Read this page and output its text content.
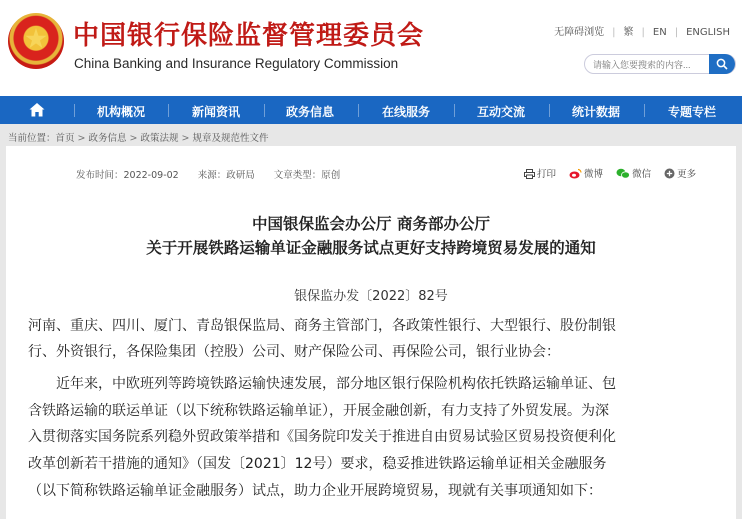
中国银行保险监督管理委员会
China Banking and Insurance Regulatory Commission
无障碍浏览 | 繁 | EN | ENGLISH
请输入您要搜索的内容...
机构概况	新闻资讯	政务信息	在线服务	互动交流	统计数据	专题专栏
当前位置：首页 > 政务信息 > 政策法规 > 规章及规范性文件
发布时间：2022-09-02 来源：政研局 文章类型：原创	打印	微博	微信	更多
中国银保监会办公厅 商务部办公厅
关于开展铁路运输单证金融服务试点更好支持跨境贸易发展的通知
银保监办发〔2022〕82号
河南、重庆、四川、厦门、青岛银保监局、商务主管部门，各政策性银行、大型银行、股份制银
行、外资银行，各保险集团（控股）公司、财产保险公司、再保险公司，银行业协会：
　　近年来，中欧班列等跨境铁路运输快速发展，部分地区银行保险机构依托铁路运输单证、包
含铁路运输的联运单证（以下统称铁路运输单证），开展金融创新，有力支持了外贸发展。为深
入贯彻落实国务院系列稳外贸政策举措和《国务院印发关于推进自由贸易试验区贸易投资便利化
改革创新若干措施的通知》（国发〔2021〕12号）要求，稳妥推进铁路运输单证相关金融服务
（以下简称铁路运输单证金融服务）试点，助力企业开展跨境贸易，现就有关事项通知如下：
